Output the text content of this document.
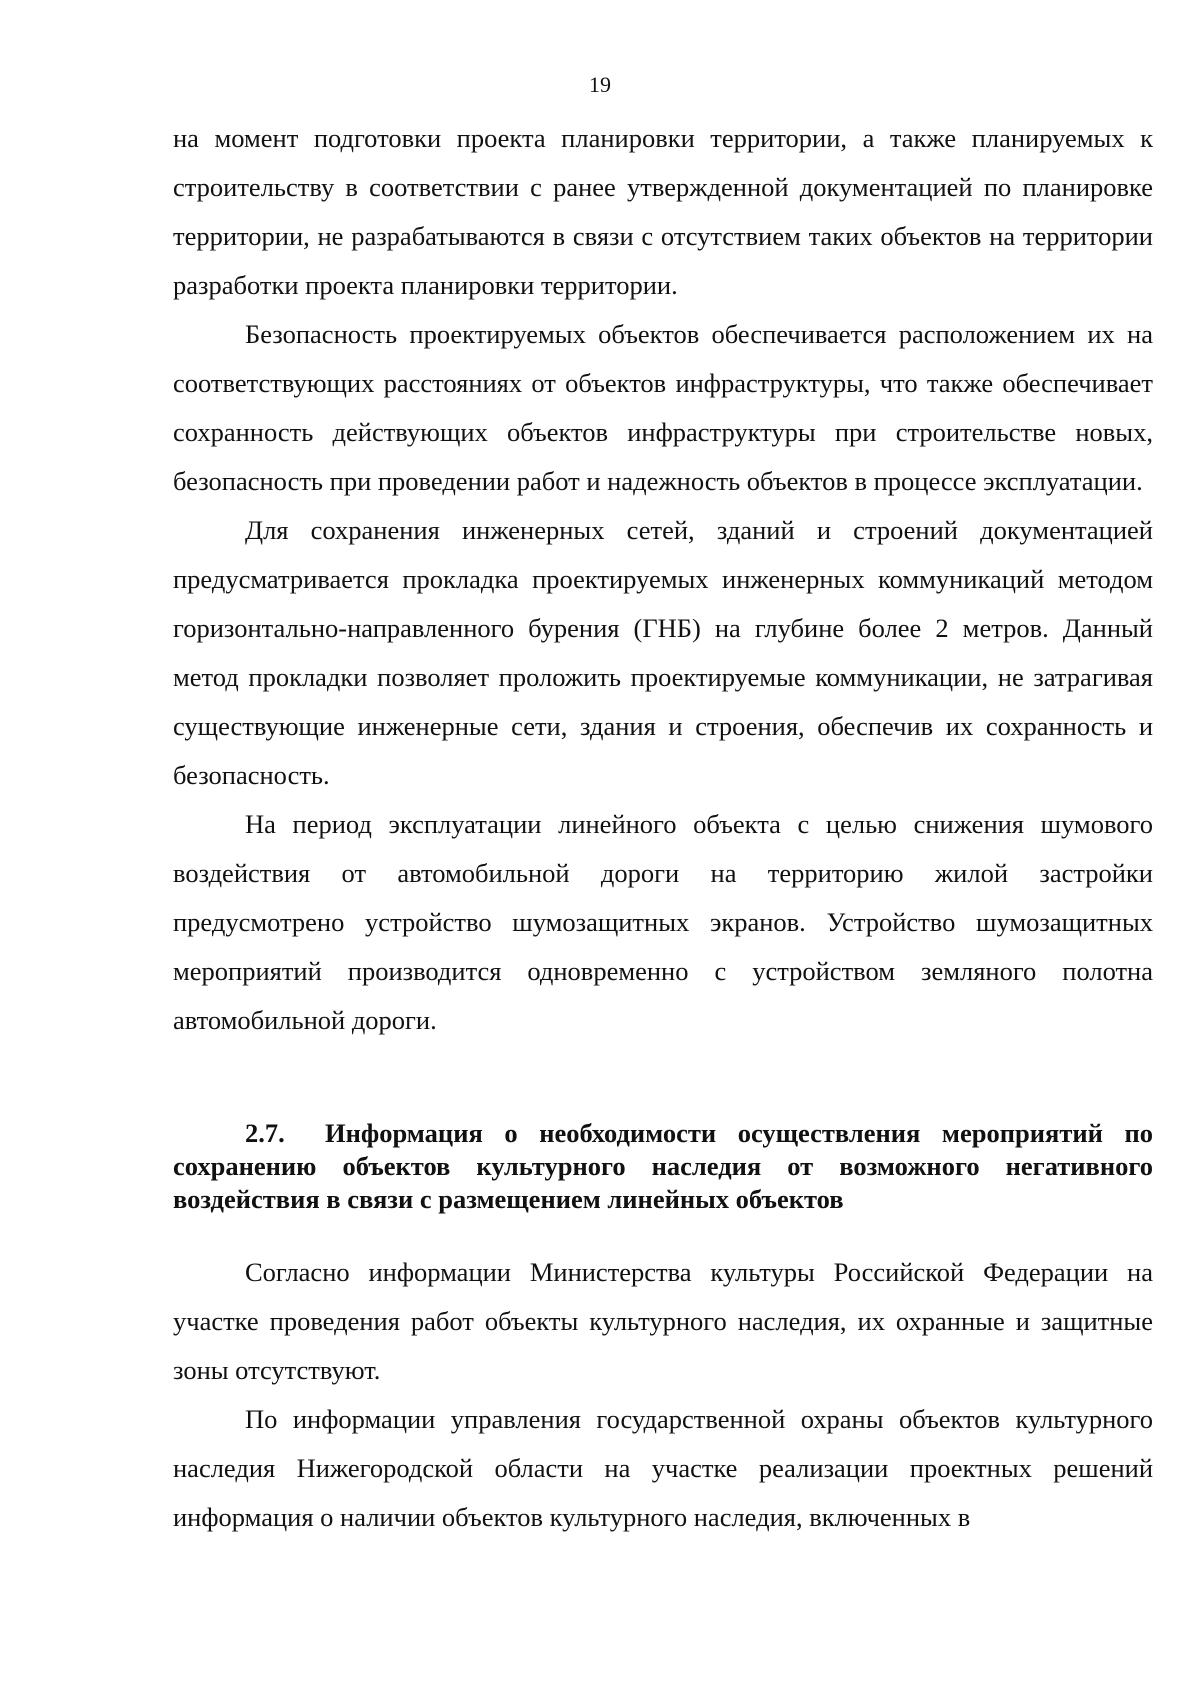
19

на момент подготовки проекта планировки территории, а также планируемых к строительству в соответствии с ранее утвержденной документацией по планировке территории, не разрабатываются в связи с отсутствием таких объектов на территории разработки проекта планировки территории.

Безопасность проектируемых объектов обеспечивается расположением их на соответствующих расстояниях от объектов инфраструктуры, что также обеспечивает сохранность действующих объектов инфраструктуры при строительстве новых, безопасность при проведении работ и надежность объектов в процессе эксплуатации.

Для сохранения инженерных сетей, зданий и строений документацией предусматривается прокладка проектируемых инженерных коммуникаций методом горизонтально-направленного бурения (ГНБ) на глубине более 2 метров. Данный метод прокладки позволяет проложить проектируемые коммуникации, не затрагивая существующие инженерные сети, здания и строения, обеспечив их сохранность и безопасность.

На период эксплуатации линейного объекта с целью снижения шумового воздействия от автомобильной дороги на территорию жилой застройки предусмотрено устройство шумозащитных экранов. Устройство шумозащитных мероприятий производится одновременно с устройством земляного полотна автомобильной дороги.

2.7. Информация о необходимости осуществления мероприятий по сохранению объектов культурного наследия от возможного негативного воздействия в связи с размещением линейных объектов

Согласно информации Министерства культуры Российской Федерации на участке проведения работ объекты культурного наследия, их охранные и защитные зоны отсутствуют.

По информации управления государственной охраны объектов культурного наследия Нижегородской области на участке реализации проектных решений информация о наличии объектов культурного наследия, включенных в
